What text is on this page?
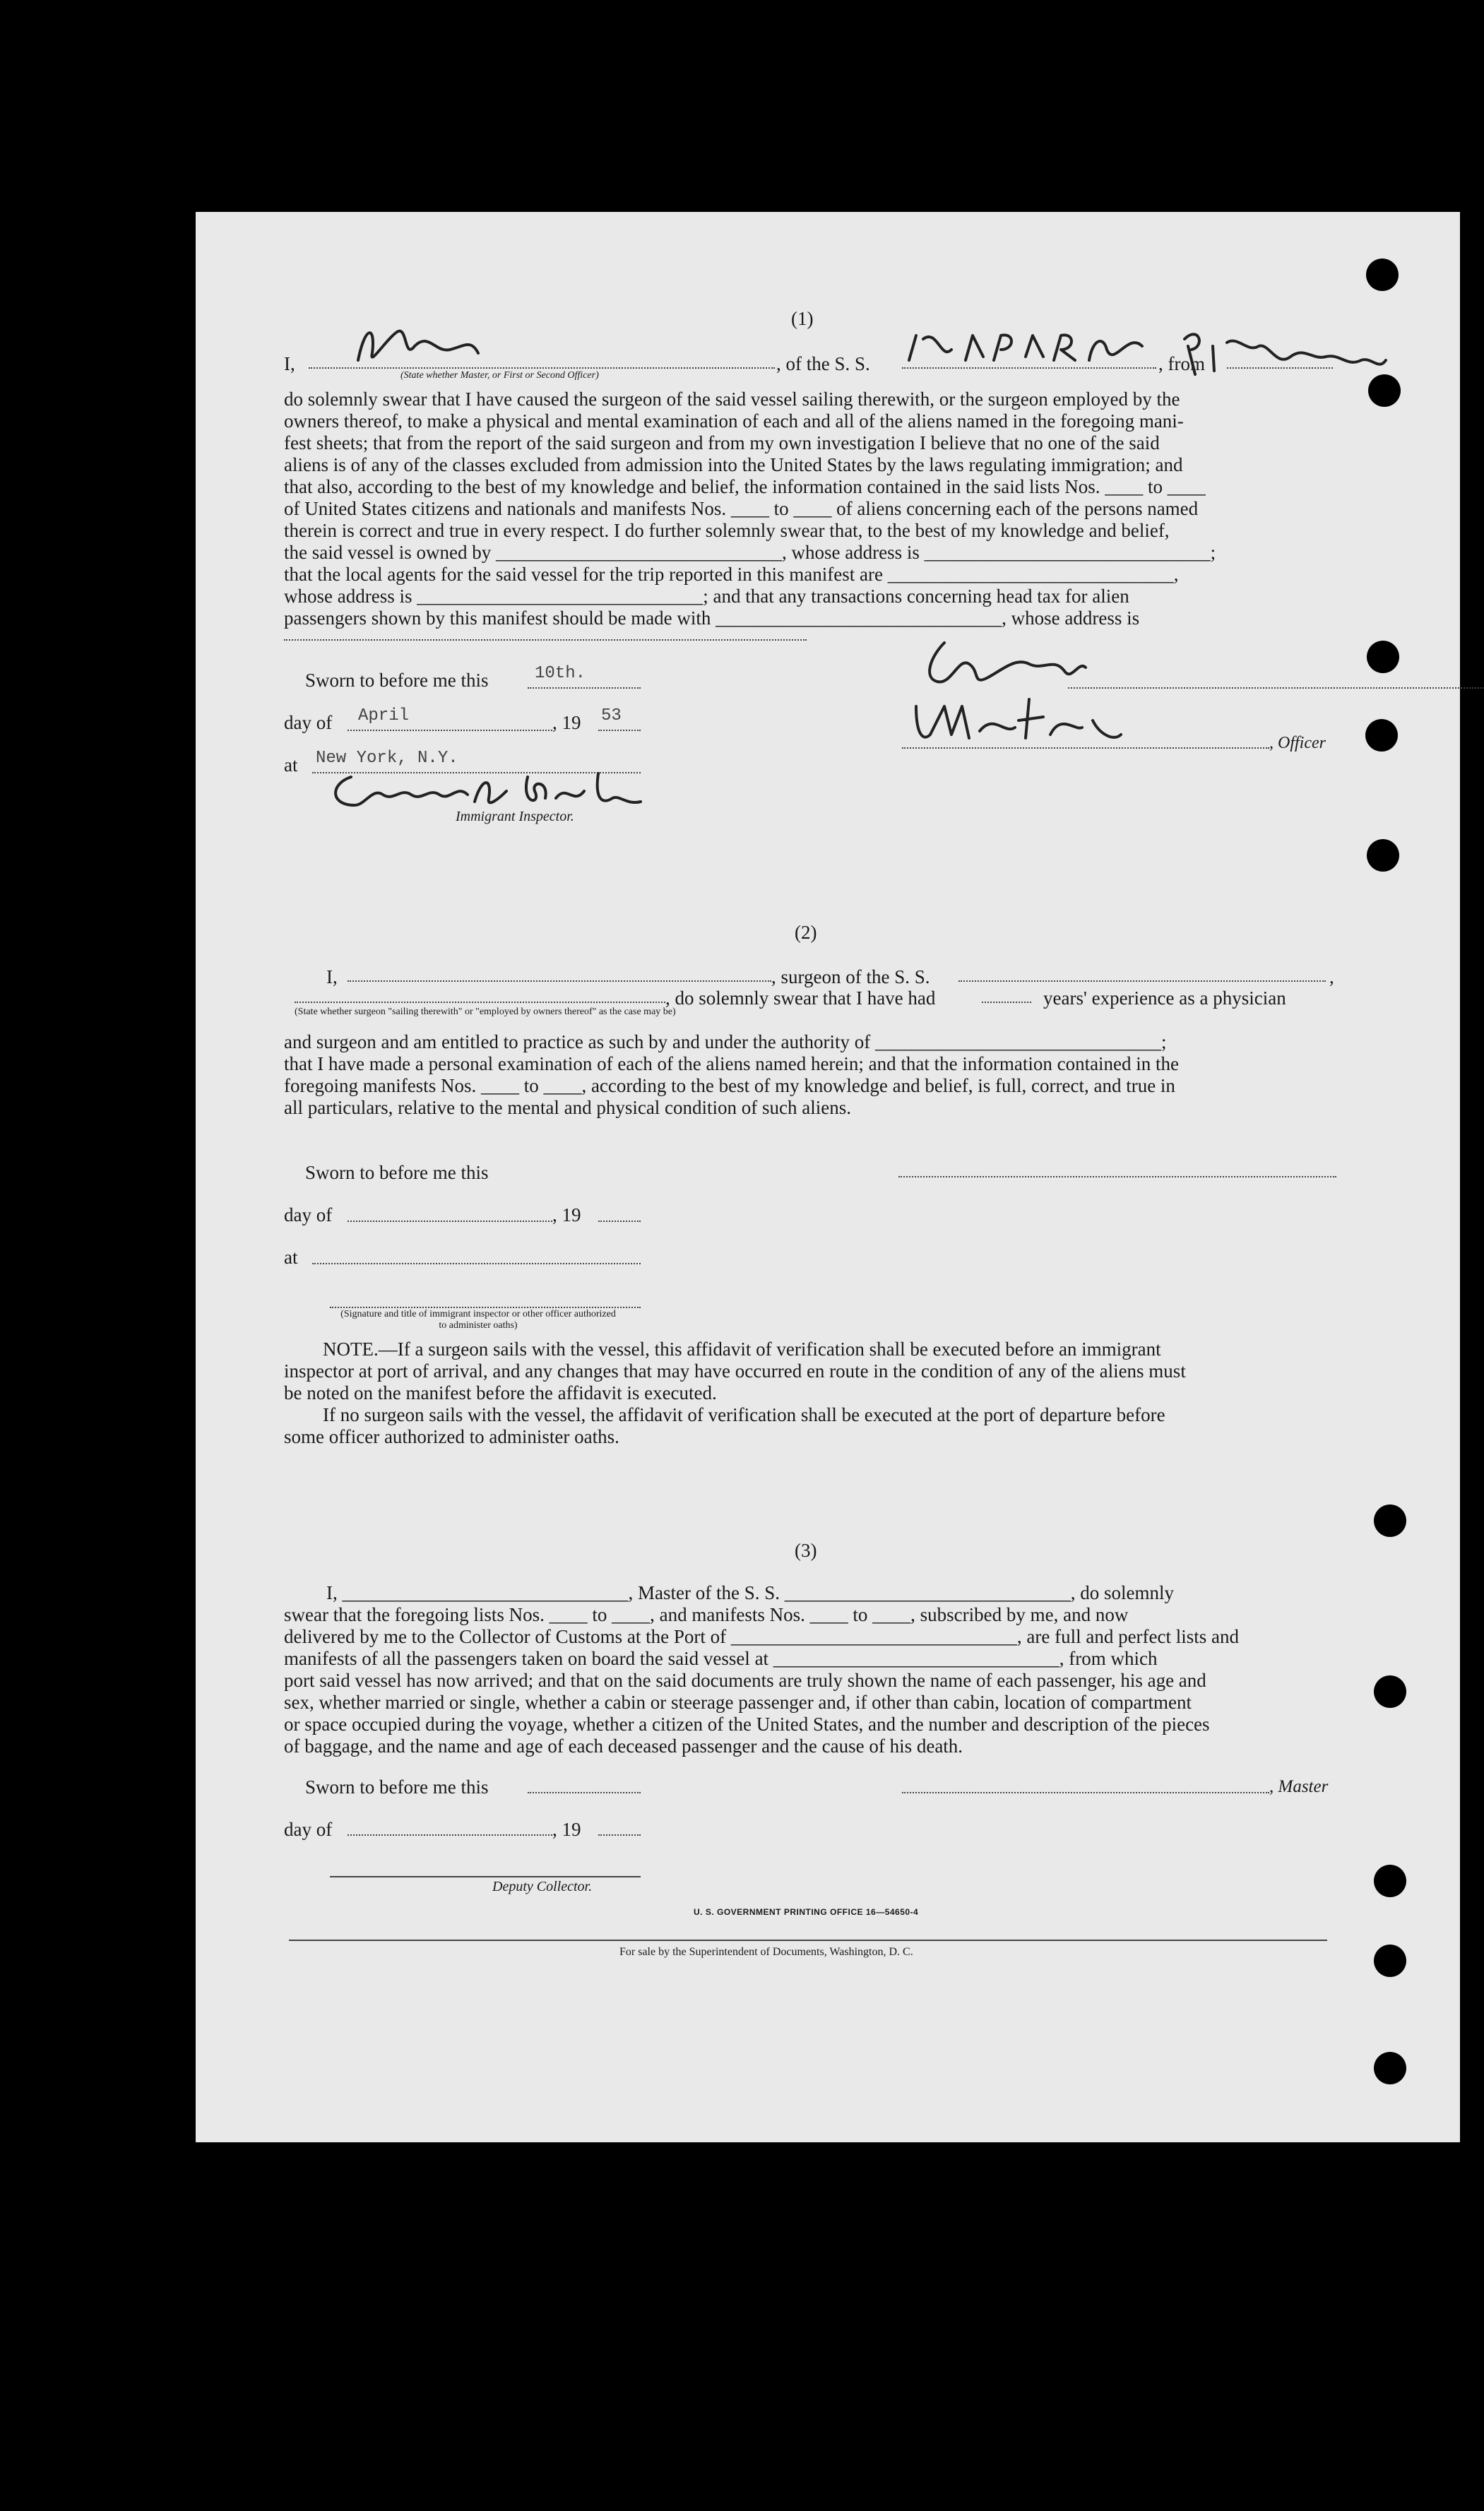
(1)
I,
(State whether Master, or First or Second Officer)
, of the S. S.	, from
do solemnly swear that I have caused the surgeon of the said vessel sailing therewith, or the surgeon employed by the
owners thereof, to make a physical and mental examination of each and all of the aliens named in the foregoing mani-
fest sheets; that from the report of the said surgeon and from my own investigation I believe that no one of the said
aliens is of any of the classes excluded from admission into the United States by the laws regulating immigration; and
that also, according to the best of my knowledge and belief, the information contained in the said lists Nos. ____ to ____
of United States citizens and nationals and manifests Nos. ____ to ____ of aliens concerning each of the persons named
therein is correct and true in every respect. I do further solemnly swear that, to the best of my knowledge and belief,
the said vessel is owned by ______________________________, whose address is ______________________________;
that the local agents for the said vessel for the trip reported in this manifest are ______________________________,
whose address is ______________________________; and that any transactions concerning head tax for alien
passengers shown by this manifest should be made with ______________________________, whose address is
Sworn to before me this	10th.
day of April	, 19 53
at New York, N.Y.
Immigrant Inspector.
, Officer
(2)
I,	, surgeon of the S. S.	,
, do solemnly swear that I have had	years' experience as a physician
(State whether surgeon "sailing therewith" or "employed by owners thereof" as the case may be)
and surgeon and am entitled to practice as such by and under the authority of ______________________________;
that I have made a personal examination of each of the aliens named herein; and that the information contained in the
foregoing manifests Nos. ____ to ____, according to the best of my knowledge and belief, is full, correct, and true in
all particulars, relative to the mental and physical condition of such aliens.
Sworn to before me this
day of	, 19
at
(Signature and title of immigrant inspector or other officer authorized to administer oaths)
NOTE.—If a surgeon sails with the vessel, this affidavit of verification shall be executed before an immigrant
inspector at port of arrival, and any changes that may have occurred en route in the condition of any of the aliens must
be noted on the manifest before the affidavit is executed.
If no surgeon sails with the vessel, the affidavit of verification shall be executed at the port of departure before
some officer authorized to administer oaths.
(3)
I, ______________________________, Master of the S. S. ______________________________, do solemnly
swear that the foregoing lists Nos. ____ to ____, and manifests Nos. ____ to ____, subscribed by me, and now
delivered by me to the Collector of Customs at the Port of ______________________________, are full and perfect lists and
manifests of all the passengers taken on board the said vessel at ______________________________, from which
port said vessel has now arrived; and that on the said documents are truly shown the name of each passenger, his age and
sex, whether married or single, whether a cabin or steerage passenger and, if other than cabin, location of compartment
or space occupied during the voyage, whether a citizen of the United States, and the number and description of the pieces
of baggage, and the name and age of each deceased passenger and the cause of his death.
Sworn to before me this	, Master
day of	, 19
Deputy Collector.
U. S. GOVERNMENT PRINTING OFFICE 16—54650-4
For sale by the Superintendent of Documents, Washington, D. C.
